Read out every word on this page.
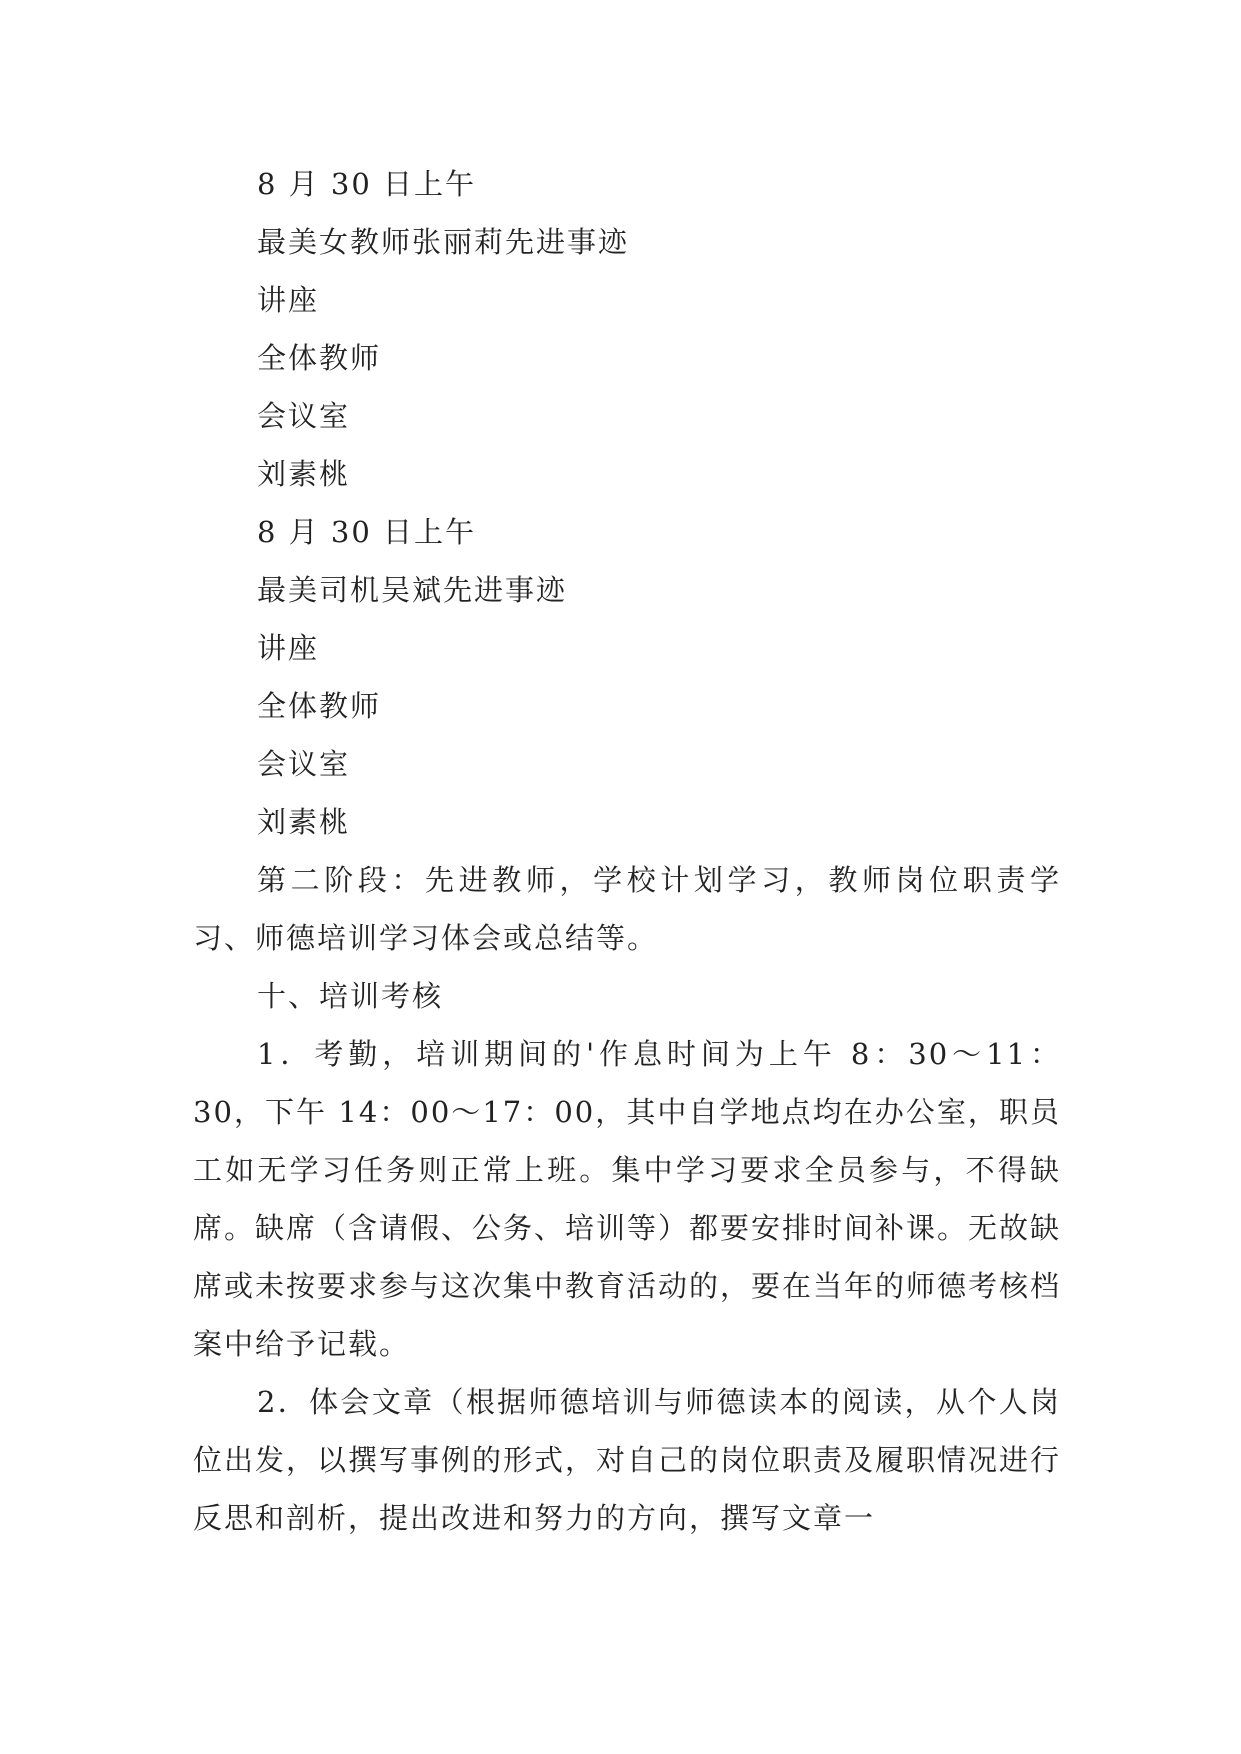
8 月 30 日上午
最美女教师张丽莉先进事迹
讲座
全体教师
会议室
刘素桃
8 月 30 日上午
最美司机吴斌先进事迹
讲座
全体教师
会议室
刘素桃
第二阶段：先进教师，学校计划学习，教师岗位职责学习、师德培训学习体会或总结等。
十、培训考核
1．考勤，培训期间的'作息时间为上午 8：30～11：30，下午 14：00～17：00，其中自学地点均在办公室，职员工如无学习任务则正常上班。集中学习要求全员参与，不得缺席。缺席（含请假、公务、培训等）都要安排时间补课。无故缺席或未按要求参与这次集中教育活动的，要在当年的师德考核档案中给予记载。
2．体会文章（根据师德培训与师德读本的阅读，从个人岗位出发，以撰写事例的形式，对自己的岗位职责及履职情况进行反思和剖析，提出改进和努力的方向，撰写文章一
